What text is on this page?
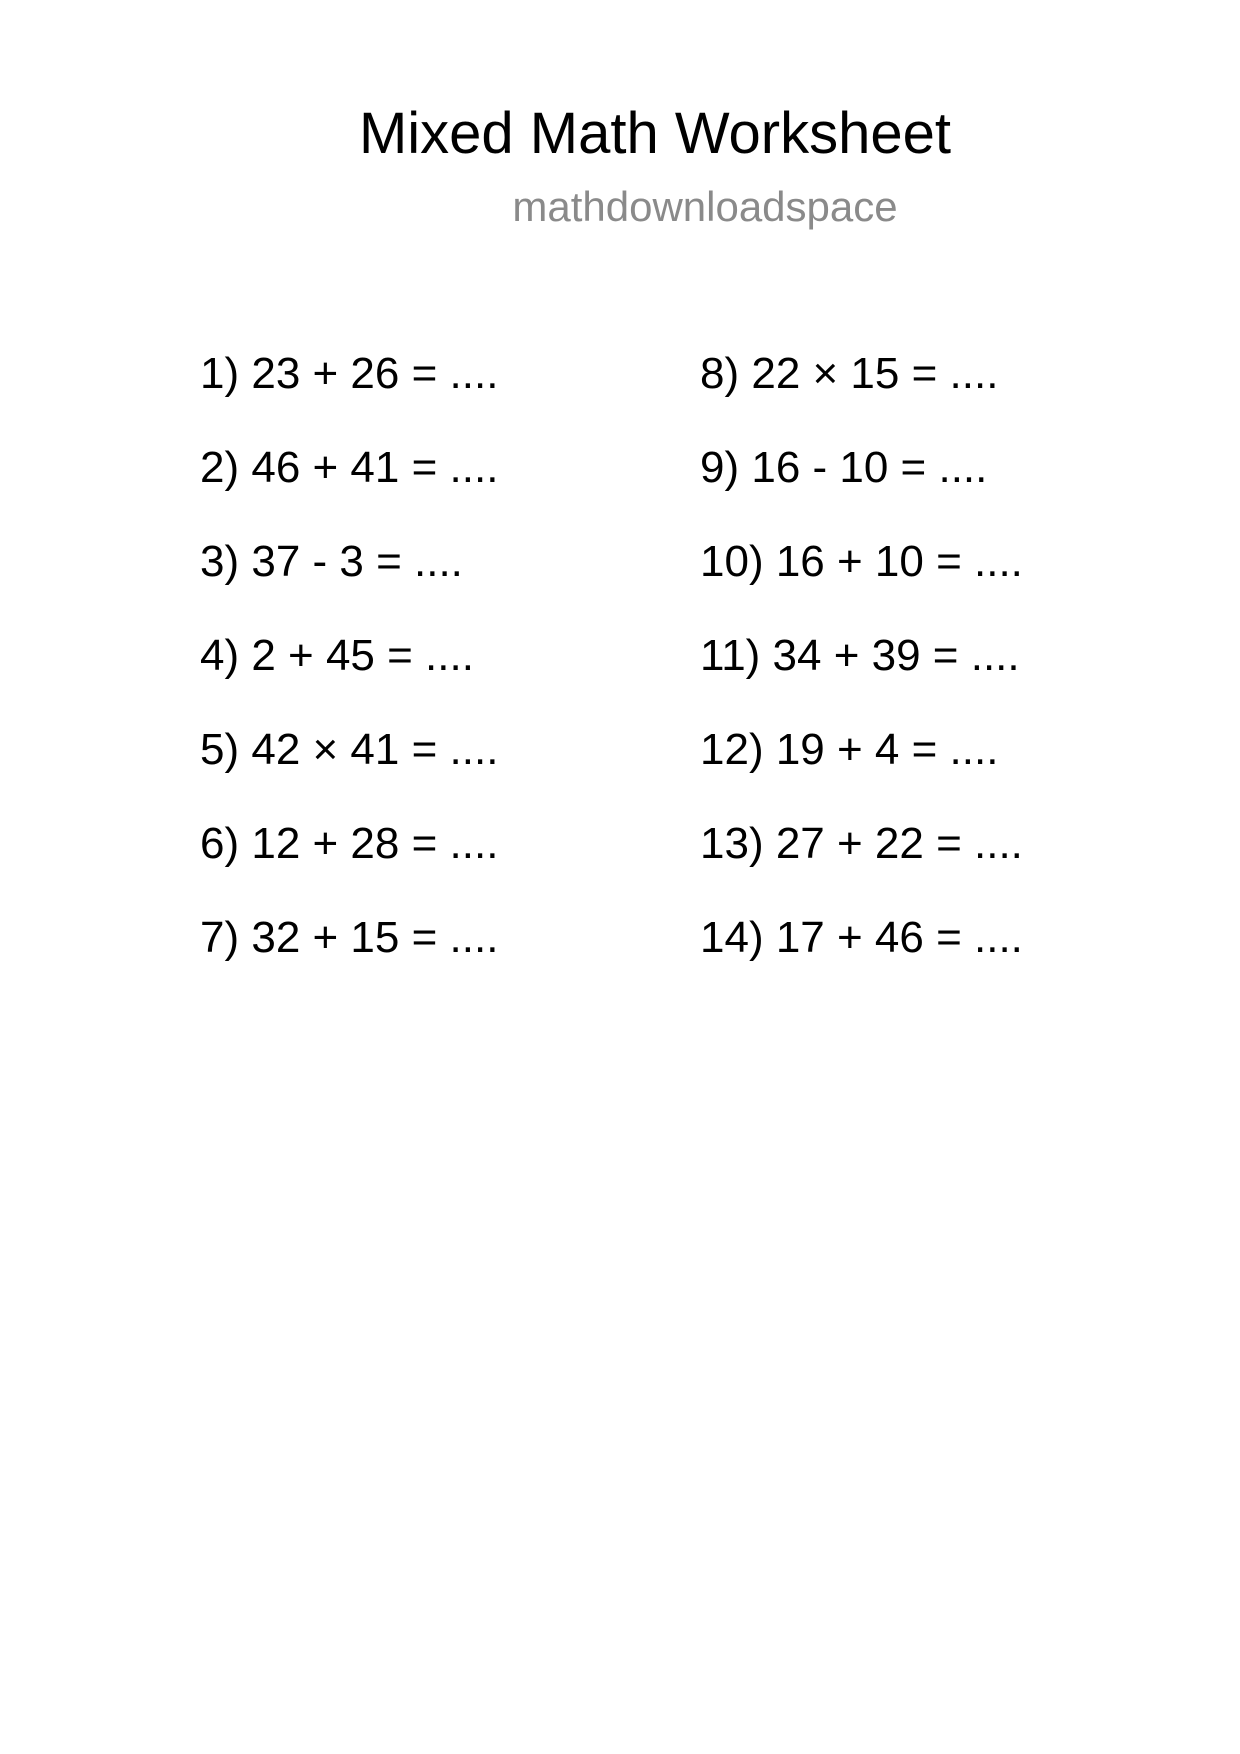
Mixed Math Worksheet
mathdownloadspace
1) 23 + 26 = ....
2) 46 + 41 = ....
3) 37 - 3 = ....
4) 2 + 45 = ....
5) 42 × 41 = ....
6) 12 + 28 = ....
7) 32 + 15 = ....
8) 22 × 15 = ....
9) 16 - 10 = ....
10) 16 + 10 = ....
11) 34 + 39 = ....
12) 19 + 4 = ....
13) 27 + 22 = ....
14) 17 + 46 = ....
